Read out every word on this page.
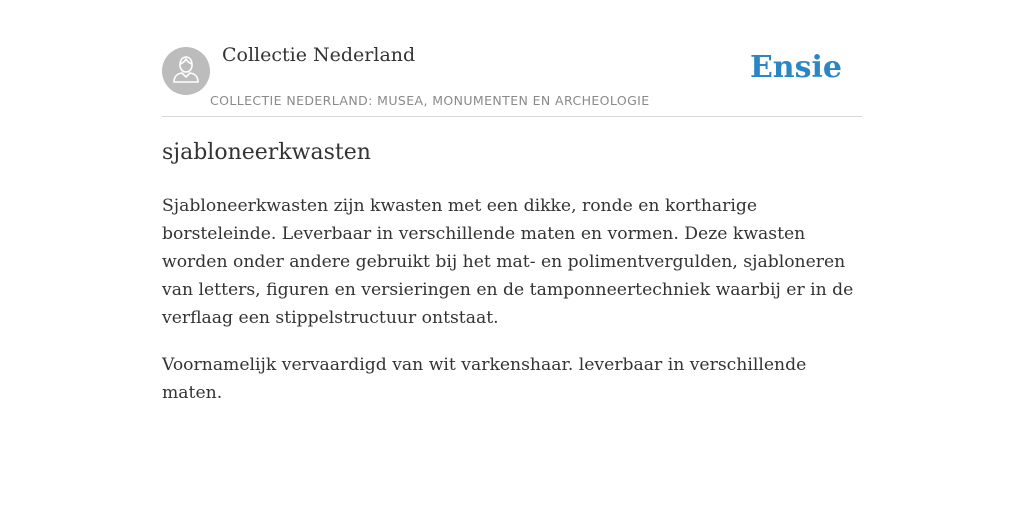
Collectie Nederland
COLLECTIE NEDERLAND: MUSEA, MONUMENTEN EN ARCHEOLOGIE
Ensie
sjabloneerkwasten

Sjabloneerkwasten zijn kwasten met een dikke, ronde en kortharige borsteleinde. Leverbaar in verschillende maten en vormen. Deze kwasten worden onder andere gebruikt bij het mat- en polimentvergulden, sjabloneren van letters, figuren en versieringen en de tamponneertechniek waarbij er in de verflaag een stippelstructuur ontstaat.

Voornamelijk vervaardigd van wit varkenshaar. leverbaar in verschillende maten.
